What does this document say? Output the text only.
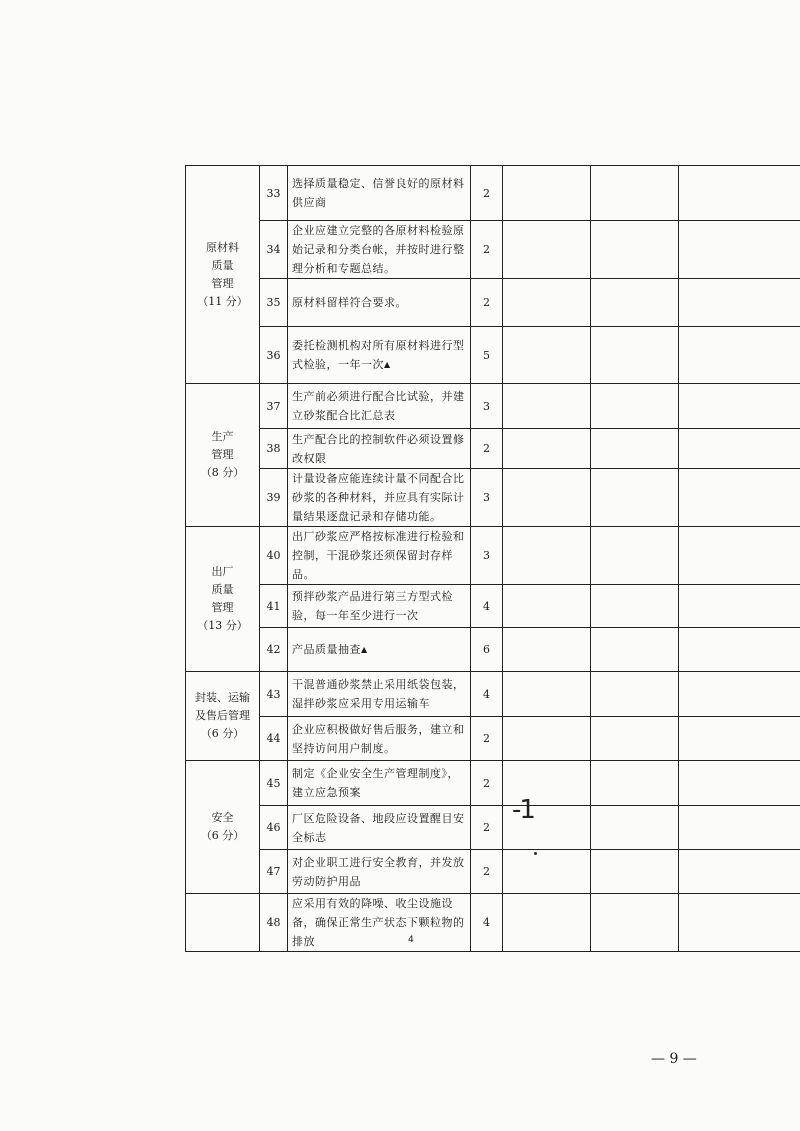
原材料
质量
管理
（11 分）	33	选择质量稳定、信誉良好的原材料供应商	2			
	34	企业应建立完整的各原材料检验原始记录和分类台帐，并按时进行整理分析和专题总结。	2			
	35	原材料留样符合要求。	2			
	36	委托检测机构对所有原材料进行型式检验，一年一次▲	5			

生产
管理
（8 分）	37	生产前必须进行配合比试验，并建立砂浆配合比汇总表	3			
	38	生产配合比的控制软件必须设置修改权限	2			
	39	计量设备应能连续计量不同配合比砂浆的各种材料，并应具有实际计量结果逐盘记录和存储功能。	3			

出厂
质量
管理
（13 分）	40	出厂砂浆应严格按标准进行检验和控制，干混砂浆还须保留封存样品。	3			
	41	预拌砂浆产品进行第三方型式检验，每一年至少进行一次	4			
	42	产品质量抽查▲	6			

封装、运输
及售后管理
（6 分）	43	干混普通砂浆禁止采用纸袋包装，湿拌砂浆应采用专用运输车	4			
	44	企业应积极做好售后服务，建立和坚持访问用户制度。	2			

安全
（6 分）	45	制定《企业安全生产管理制度》，建立应急预案	2			
	46	厂区危险设备、地段应设置醒目安全标志	2			
	47	对企业职工进行安全教育，并发放劳动防护用品	2			
	48	应采用有效的降噪、收尘设施设备，确保正常生产状态下颗粒物的排放	4			
-1
4
— 9 —
